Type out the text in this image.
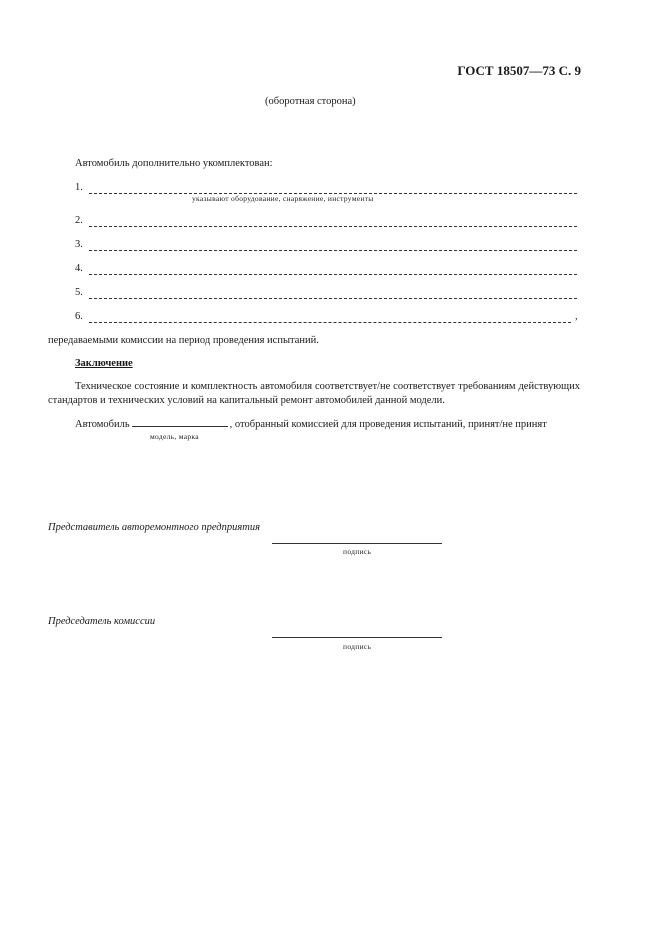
ГОСТ 18507—73 С. 9
(оборотная сторона)
Автомобиль дополнительно укомплектован:
1.
указывают оборудование, снаряжение, инструменты
2.
3.
4.
5.
6.	,
передаваемыми комиссии на период проведения испытаний.
Заключение
Техническое состояние и комплектность автомобиля соответствует/не соответствует требованиям действующих стандартов и технических условий на капитальный ремонт автомобилей данной модели.
Автомобиль	, отобранный комиссией для проведения испытаний, принят/не принят
модель, марка
Представитель авторемонтного предприятия
подпись
Председатель комиссии
подпись
